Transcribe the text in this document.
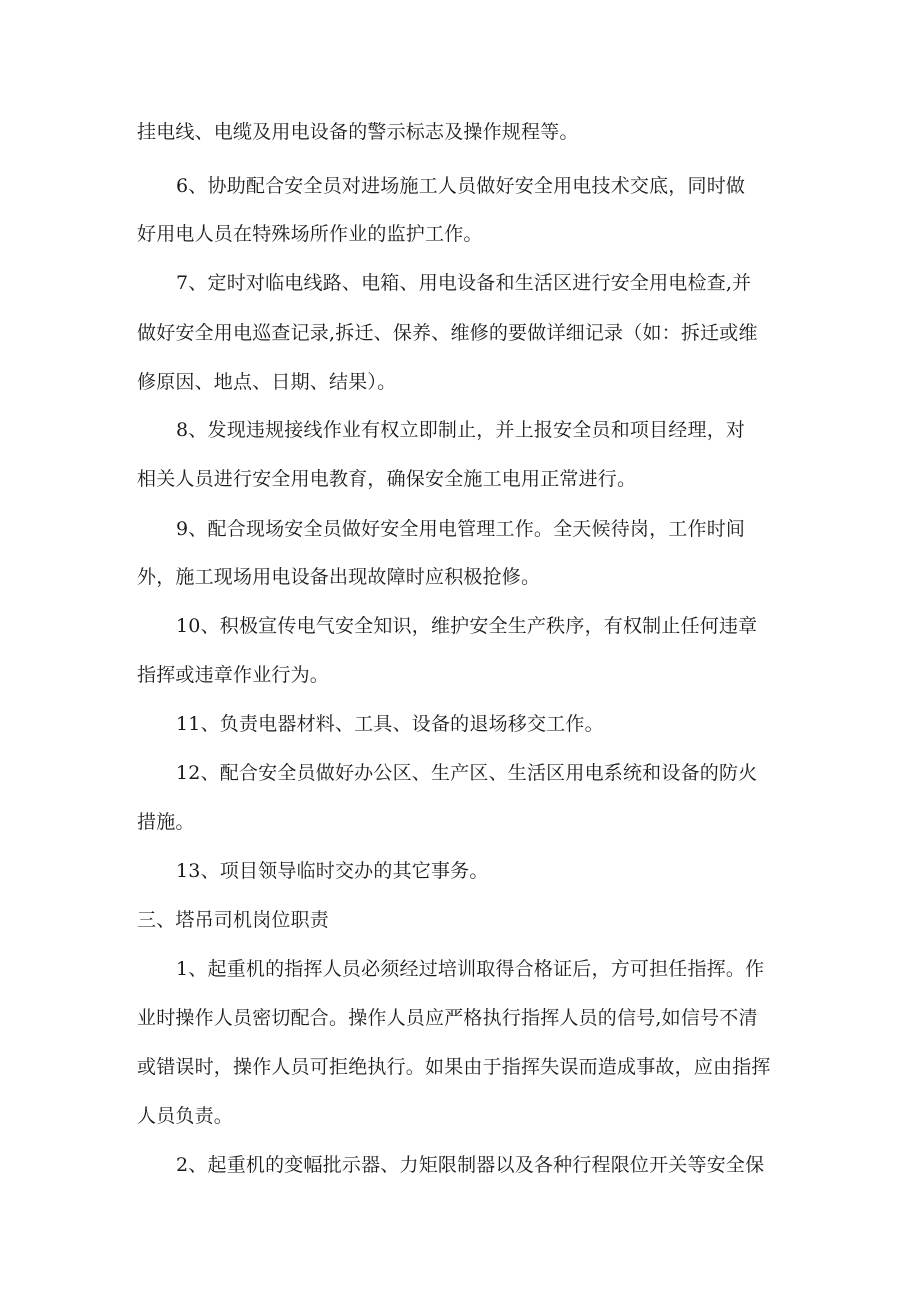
挂电线、电缆及用电设备的警示标志及操作规程等。
6、协助配合安全员对进场施工人员做好安全用电技术交底，同时做
好用电人员在特殊场所作业的监护工作。
7、定时对临电线路、电箱、用电设备和生活区进行安全用电检查,并
做好安全用电巡查记录,拆迁、保养、维修的要做详细记录（如：拆迁或维
修原因、地点、日期、结果）。
8、发现违规接线作业有权立即制止，并上报安全员和项目经理，对
相关人员进行安全用电教育，确保安全施工电用正常进行。
9、配合现场安全员做好安全用电管理工作。全天候待岗，工作时间
外，施工现场用电设备出现故障时应积极抢修。
10、积极宣传电气安全知识，维护安全生产秩序，有权制止任何违章
指挥或违章作业行为。
11、负责电器材料、工具、设备的退场移交工作。
12、配合安全员做好办公区、生产区、生活区用电系统和设备的防火
措施。
13、项目领导临时交办的其它事务。
三、塔吊司机岗位职责
1、起重机的指挥人员必须经过培训取得合格证后，方可担任指挥。作
业时操作人员密切配合。操作人员应严格执行指挥人员的信号,如信号不清
或错误时，操作人员可拒绝执行。如果由于指挥失误而造成事故，应由指挥
人员负责。
2、起重机的变幅批示器、力矩限制器以及各种行程限位开关等安全保
